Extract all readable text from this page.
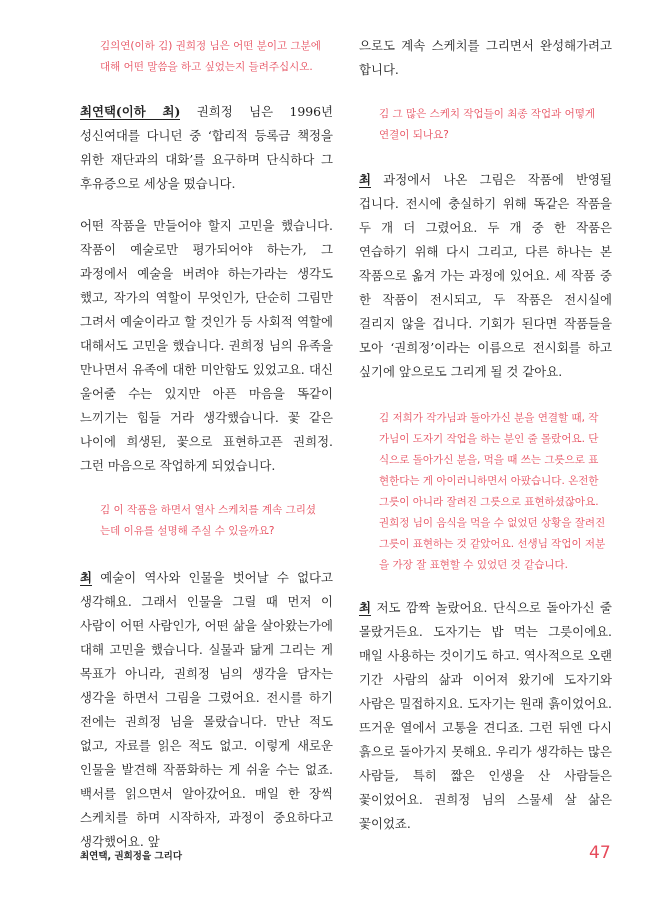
김의연(이하 김) 권희정 님은 어떤 분이고 그분에 대해 어떤 말씀을 하고 싶었는지 들려주십시오.

최연택(이하 최) 권희정 님은 1996년 성신여대를 다니던 중 ‘합리적 등록금 책정을 위한 재단과의 대화’를 요구하며 단식하다 그 후유증으로 세상을 떴습니다.

어떤 작품을 만들어야 할지 고민을 했습니다. 작품이 예술로만 평가되어야 하는가, 그 과정에서 예술을 버려야 하는가라는 생각도 했고, 작가의 역할이 무엇인가, 단순히 그림만 그려서 예술이라고 할 것인가 등 사회적 역할에 대해서도 고민을 했습니다. 권희정 님의 유족을 만나면서 유족에 대한 미안함도 있었고요. 대신 울어줄 수는 있지만 아픈 마음을 똑같이 느끼기는 힘들 거라 생각했습니다. 꽃 같은 나이에 희생된, 꽃으로 표현하고픈 권희정. 그런 마음으로 작업하게 되었습니다.

김 이 작품을 하면서 열사 스케치를 계속 그리셨는데 이유를 설명해 주실 수 있을까요?

최 예술이 역사와 인물을 벗어날 수 없다고 생각해요. 그래서 인물을 그릴 때 먼저 이 사람이 어떤 사람인가, 어떤 삶을 살아왔는가에 대해 고민을 했습니다. 실물과 닮게 그리는 게 목표가 아니라, 권희정 님의 생각을 담자는 생각을 하면서 그림을 그렸어요. 전시를 하기 전에는 권희정 님을 몰랐습니다. 만난 적도 없고, 자료를 읽은 적도 없고. 이렇게 새로운 인물을 발견해 작품화하는 게 쉬울 수는 없죠. 백서를 읽으면서 알아갔어요. 매일 한 장씩 스케치를 하며 시작하자, 과정이 중요하다고 생각했어요. 앞

으로도 계속 스케치를 그리면서 완성해가려고 합니다.

김 그 많은 스케치 작업들이 최종 작업과 어떻게 연결이 되나요?

최 과정에서 나온 그림은 작품에 반영될 겁니다. 전시에 충실하기 위해 똑같은 작품을 두 개 더 그렸어요. 두 개 중 한 작품은 연습하기 위해 다시 그리고, 다른 하나는 본 작품으로 옮겨 가는 과정에 있어요. 세 작품 중 한 작품이 전시되고, 두 작품은 전시실에 걸리지 않을 겁니다. 기회가 된다면 작품들을 모아 ‘권희정’이라는 이름으로 전시회를 하고 싶기에 앞으로도 그리게 될 것 같아요.

김 저희가 작가님과 돌아가신 분을 연결할 때, 작가님이 도자기 작업을 하는 분인 줄 몰랐어요. 단식으로 돌아가신 분을, 먹을 때 쓰는 그릇으로 표현한다는 게 아이러니하면서 아팠습니다. 온전한 그릇이 아니라 잘려진 그릇으로 표현하셨잖아요. 권희정 님이 음식을 먹을 수 없었던 상황을 잘려진 그릇이 표현하는 것 같았어요. 선생님 작업이 저분을 가장 잘 표현할 수 있었던 것 같습니다.

최 저도 깜짝 놀랐어요. 단식으로 돌아가신 줄 몰랐거든요. 도자기는 밥 먹는 그릇이에요. 매일 사용하는 것이기도 하고. 역사적으로 오랜 기간 사람의 삶과 이어져 왔기에 도자기와 사람은 밀접하지요. 도자기는 원래 흙이었어요. 뜨거운 열에서 고통을 견디죠. 그런 뒤엔 다시 흙으로 돌아가지 못해요. 우리가 생각하는 많은 사람들, 특히 짧은 인생을 산 사람들은 꽃이었어요. 권희정 님의 스물세 살 삶은 꽃이었죠.

최연택, 권희정을 그리다	47
